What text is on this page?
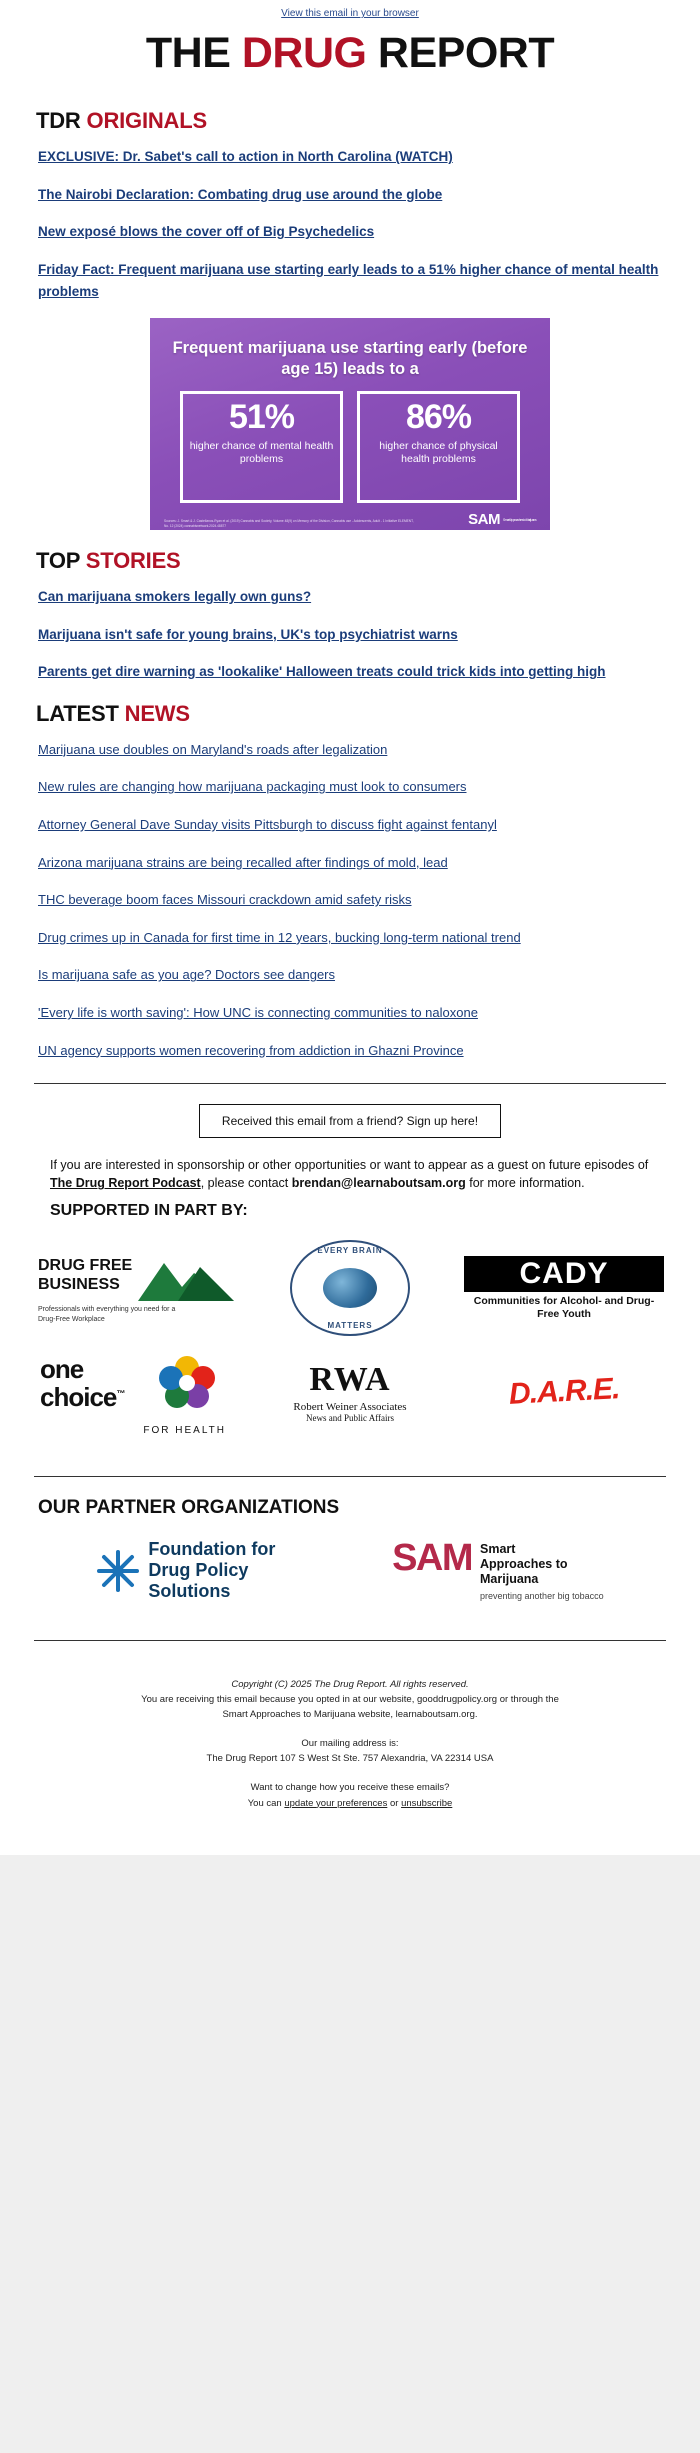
View this email in your browser
THE DRUG REPORT
TDR ORIGINALS
EXCLUSIVE: Dr. Sabet's call to action in North Carolina (WATCH)
The Nairobi Declaration: Combating drug use around the globe
New exposé blows the cover off of Big Psychedelics
Friday Fact: Frequent marijuana use starting early leads to a 51% higher chance of mental health problems
Frequent marijuana use starting early (before age 15) leads to a
51%
higher chance of mental health problems
86%
higher chance of physical health problems
Sources: J. Smart & J. Castellanos-Ryan et al. (2019) Cannabis and Society, Volume 48(9) on Memory of the Division, Cannabis use - Adolescents, Adult - 1 Initiative ELEMENT, No. 12 (2024) cannabisnetwork.2024.48877	SAM Smart Approaches to Marijuana
TOP STORIES
Can marijuana smokers legally own guns?
Marijuana isn't safe for young brains, UK's top psychiatrist warns
Parents get dire warning as 'lookalike' Halloween treats could trick kids into getting high
LATEST NEWS
Marijuana use doubles on Maryland's roads after legalization
New rules are changing how marijuana packaging must look to consumers
Attorney General Dave Sunday visits Pittsburgh to discuss fight against fentanyl
Arizona marijuana strains are being recalled after findings of mold, lead
THC beverage boom faces Missouri crackdown amid safety risks
Drug crimes up in Canada for first time in 12 years, bucking long-term national trend
Is marijuana safe as you age? Doctors see dangers
'Every life is worth saving': How UNC is connecting communities to naloxone
UN agency supports women recovering from addiction in Ghazni Province
Received this email from a friend? Sign up here!
If you are interested in sponsorship or other opportunities or want to appear as a guest on future episodes of The Drug Report Podcast, please contact brendan@learnaboutsam.org for more information.
SUPPORTED IN PART BY:
DRUG FREE
BUSINESS
Professionals with everything you need for a Drug-Free Workplace
EVERY BRAIN
MATTERS
CADY
Communities for Alcohol- and Drug-Free Youth
one
choice™
FOR HEALTH
RWA
Robert Weiner Associates
News and Public Affairs
D.A.R.E.
OUR PARTNER ORGANIZATIONS
Foundation for
Drug Policy
Solutions
SAM Smart
Approaches to
Marijuana
preventing another big tobacco
Copyright (C) 2025 The Drug Report. All rights reserved.
You are receiving this email because you opted in at our website, gooddrugpolicy.org or through the
Smart Approaches to Marijuana website, learnaboutsam.org.
Our mailing address is:
The Drug Report 107 S West St Ste. 757 Alexandria, VA 22314 USA
Want to change how you receive these emails?
You can update your preferences or unsubscribe
